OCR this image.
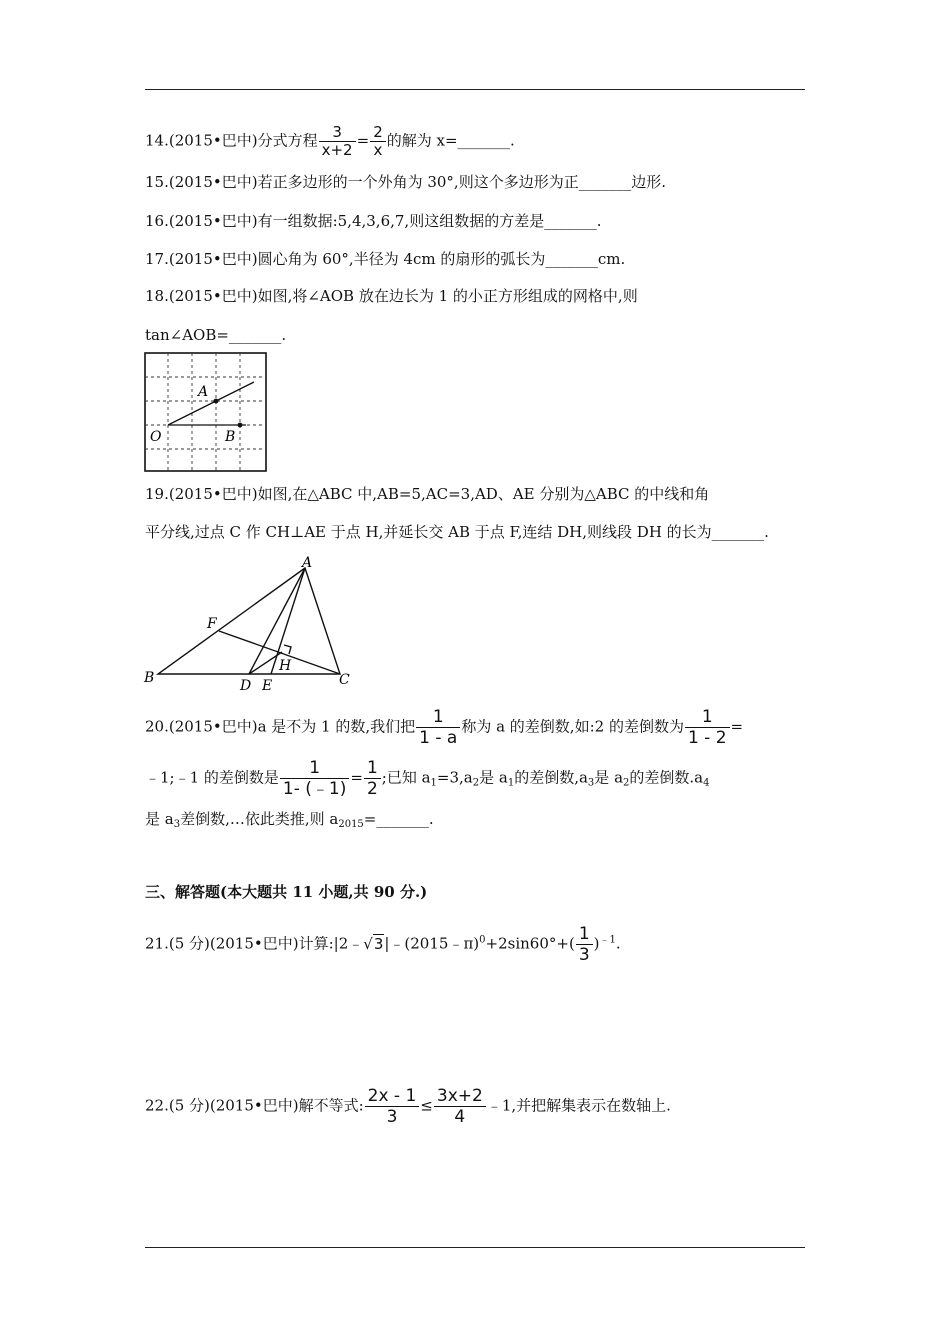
14.(2015•巴中)分式方程 $\frac{3}{x+2} = \frac{2}{x}$ 的解为 x=_______.
15.(2015•巴中)若正多边形的一个外角为 30°,则这个多边形为正_______边形.
16.(2015•巴中)有一组数据:5,4,3,6,7,则这组数据的方差是_______.
17.(2015•巴中)圆心角为 60°,半径为 4cm 的扇形的弧长为_______cm.
18.(2015•巴中)如图,将∠AOB 放在边长为 1 的小正方形组成的网格中,则
tan∠AOB=_______.
A
O	B
19.(2015•巴中)如图,在△ABC 中,AB=5,AC=3,AD、AE 分别为△ABC 的中线和角
平分线,过点 C 作 CH⊥AE 于点 H,并延长交 AB 于点 F,连结 DH,则线段 DH 的长为_______.
A
F
H
B	D E	C
20.(2015•巴中)a 是不为 1 的数,我们把 $\frac{1}{1 - a}$ 称为 a 的差倒数,如:2 的差倒数为 $\frac{1}{1 - 2}$ =
﹣1;﹣1 的差倒数是 $\frac{1}{1- (﹣1)} = \frac{1}{2}$ ;已知 $a_1=3,a_2$是 $a_1$的差倒数$,a_3$是 $a_2$的差倒数$.a_4$
是 $a_3$差倒数,…依此类推,则 $a_{2015}=\_\_\_\_\_\_\_$.
三、解答题(本大题共 11 小题,共 90 分.)
21.(5 分)(2015•巴中)计算:|2﹣√3|﹣(2015﹣π)$^0$+2sin60°+( $\frac{1}{3} )^{﹣1}$.
22.(5 分)(2015•巴中)解不等式: $\frac{2x - 1}{3} \le \frac{3x+2}{4}$ ﹣1,并把解集表示在数轴上.
